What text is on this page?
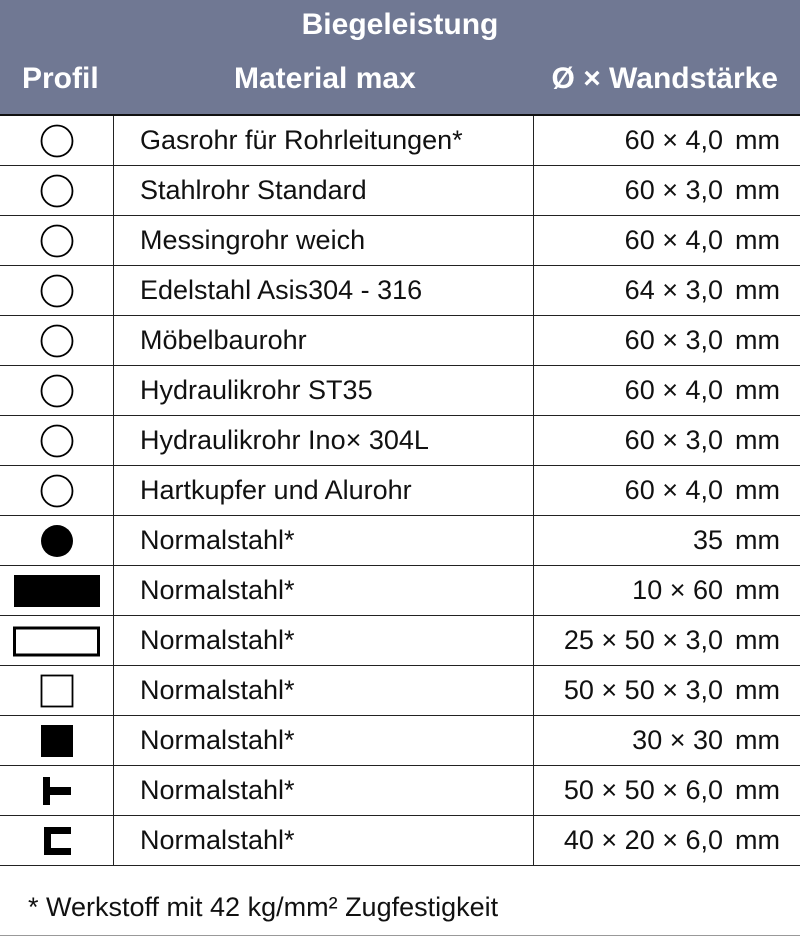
Biegeleistung
Profil	Material max	Ø × Wandstärke
Gasrohr für Rohrleitungen*	60 × 4,0 mm
Stahlrohr Standard	60 × 3,0 mm
Messingrohr weich	60 × 4,0 mm
Edelstahl Asis304 - 316	64 × 3,0 mm
Möbelbaurohr	60 × 3,0 mm
Hydraulikrohr ST35	60 × 4,0 mm
Hydraulikrohr Ino× 304L	60 × 3,0 mm
Hartkupfer und Alurohr	60 × 4,0 mm
Normalstahl*	35 mm
Normalstahl*	10 × 60 mm
Normalstahl*	25 × 50 × 3,0 mm
Normalstahl*	50 × 50 × 3,0 mm
Normalstahl*	30 × 30 mm
Normalstahl*	50 × 50 × 6,0 mm
Normalstahl*	40 × 20 × 6,0 mm
* Werkstoff mit 42 kg/mm² Zugfestigkeit
